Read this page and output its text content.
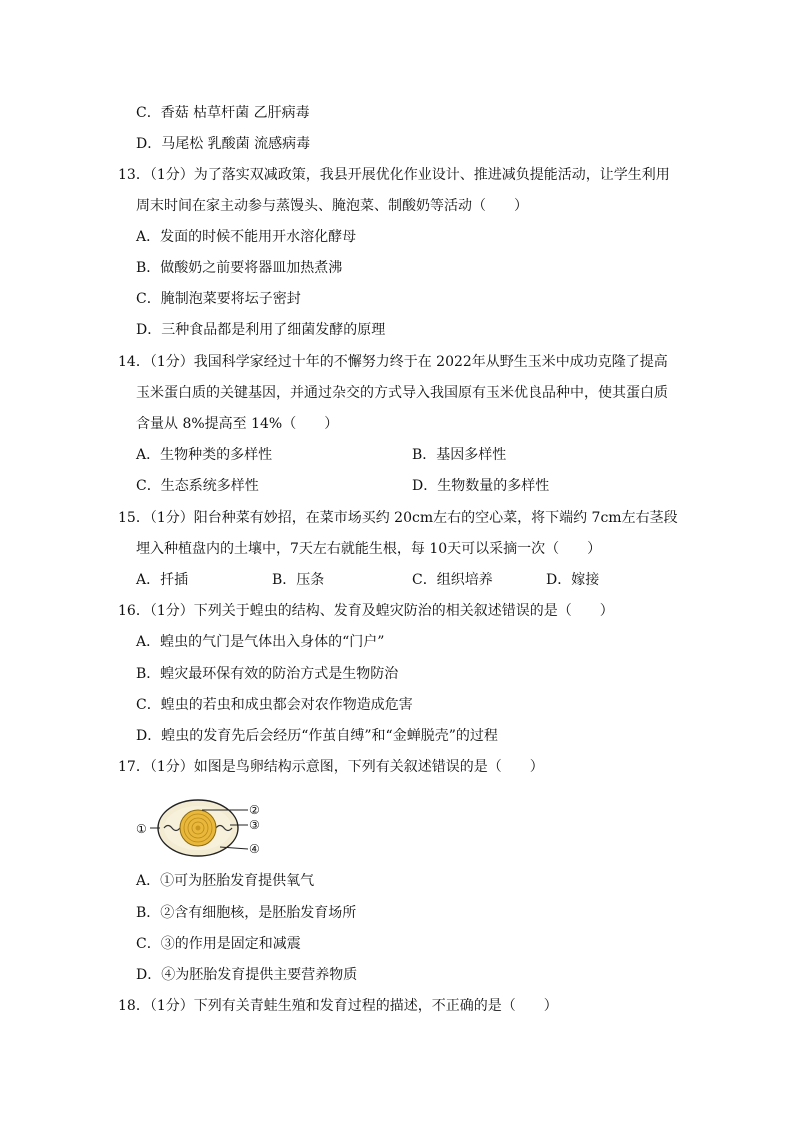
C．香菇 枯草杆菌 乙肝病毒
D．马尾松 乳酸菌 流感病毒
13．（1分）为了落实双减政策，我县开展优化作业设计、推进减负提能活动，让学生利用
周末时间在家主动参与蒸馒头、腌泡菜、制酸奶等活动（　　）
A．发面的时候不能用开水溶化酵母
B．做酸奶之前要将器皿加热煮沸
C．腌制泡菜要将坛子密封
D．三种食品都是利用了细菌发酵的原理
14．（1分）我国科学家经过十年的不懈努力终于在 2022年从野生玉米中成功克隆了提高
玉米蛋白质的关键基因，并通过杂交的方式导入我国原有玉米优良品种中，使其蛋白质
含量从 8%提高至 14%（　　）
A．生物种类的多样性	B．基因多样性
C．生态系统多样性	D．生物数量的多样性
15．（1分）阳台种菜有妙招，在菜市场买约 20cm左右的空心菜，将下端约 7cm左右茎段
埋入种植盘内的土壤中，7天左右就能生根，每 10天可以采摘一次（　　）
A．扦插	B．压条	C．组织培养	D．嫁接
16．（1分）下列关于蝗虫的结构、发育及蝗灾防治的相关叙述错误的是（　　）
A．蝗虫的气门是气体出入身体的“门户”
B．蝗灾最环保有效的防治方式是生物防治
C．蝗虫的若虫和成虫都会对农作物造成危害
D．蝗虫的发育先后会经历“作茧自缚”和“金蝉脱壳”的过程
17．（1分）如图是鸟卵结构示意图，下列有关叙述错误的是（　　）
①
②
③
④
A．①可为胚胎发育提供氧气
B．②含有细胞核，是胚胎发育场所
C．③的作用是固定和减震
D．④为胚胎发育提供主要营养物质
18．（1分）下列有关青蛙生殖和发育过程的描述，不正确的是（　　）
